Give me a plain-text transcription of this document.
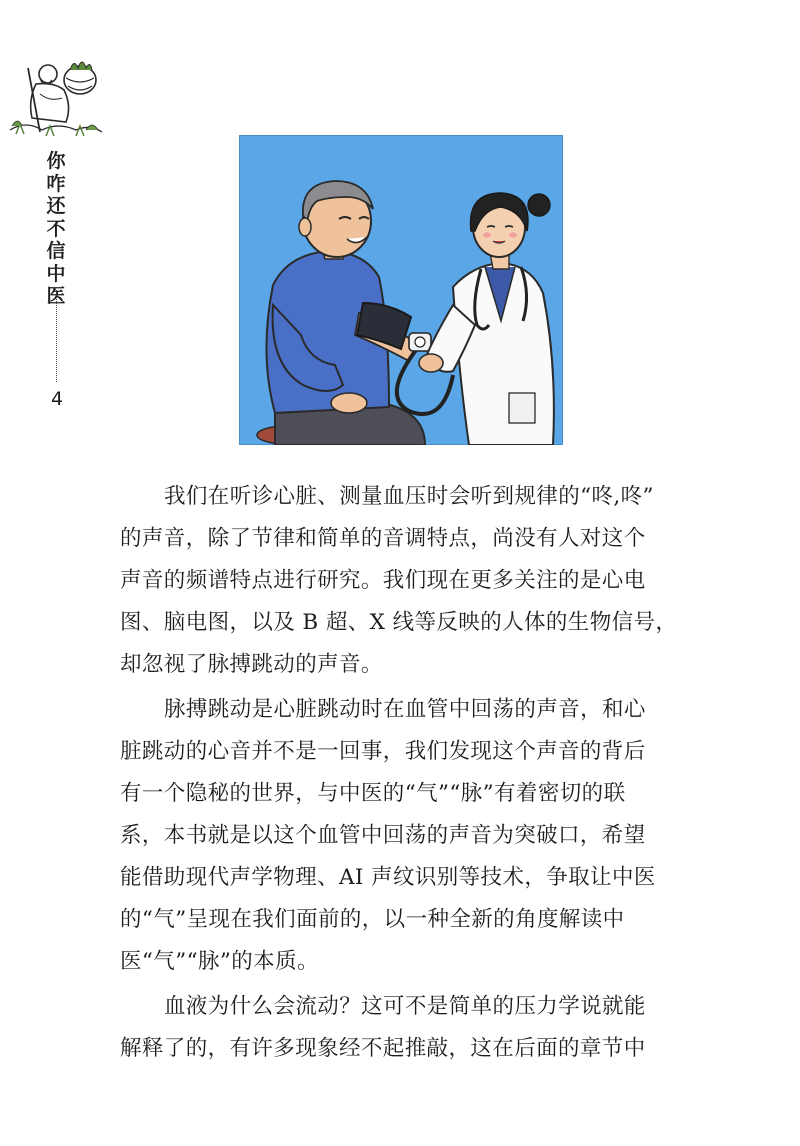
你
咋
还
不
信
中
医
4

我们在听诊心脏、测量血压时会听到规律的“咚,咚”
的声音，除了节律和简单的音调特点，尚没有人对这个
声音的频谱特点进行研究。我们现在更多关注的是心电
图、脑电图，以及 B 超、X 线等反映的人体的生物信号，
却忽视了脉搏跳动的声音。

脉搏跳动是心脏跳动时在血管中回荡的声音，和心
脏跳动的心音并不是一回事，我们发现这个声音的背后
有一个隐秘的世界，与中医的“气”“脉”有着密切的联
系，本书就是以这个血管中回荡的声音为突破口，希望
能借助现代声学物理、AI 声纹识别等技术，争取让中医
的“气”呈现在我们面前的，以一种全新的角度解读中
医“气”“脉”的本质。

血液为什么会流动？这可不是简单的压力学说就能
解释了的，有许多现象经不起推敲，这在后面的章节中
